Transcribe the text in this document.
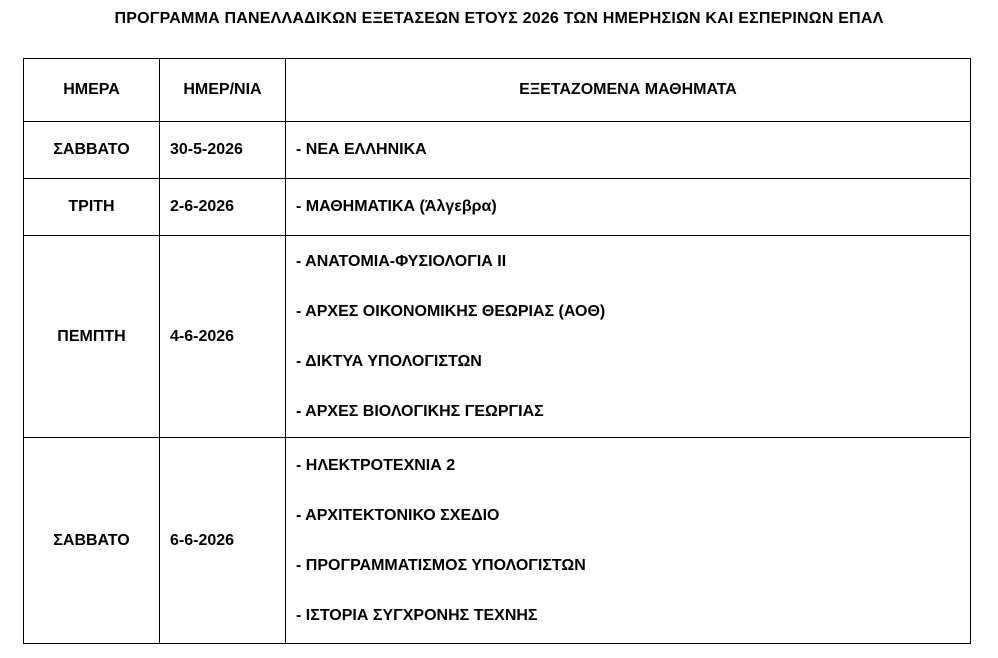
ΠΡΟΓΡΑΜΜΑ ΠΑΝΕΛΛΑΔΙΚΩΝ ΕΞΕΤΑΣΕΩΝ ΕΤΟΥΣ 2026 ΤΩΝ ΗΜΕΡΗΣΙΩΝ ΚΑΙ ΕΣΠΕΡΙΝΩΝ ΕΠΑΛ
ΗΜΕΡΑ	ΗΜΕΡ/ΝΙΑ	ΕΞΕΤΑΖΟΜΕΝΑ ΜΑΘΗΜΑΤΑ
ΣΑΒΒΑΤΟ	30-5-2026	- ΝΕΑ ΕΛΛΗΝΙΚΑ
ΤΡΙΤΗ	2-6-2026	- ΜΑΘΗΜΑΤΙΚΑ (Άλγεβρα)
ΠΕΜΠΤΗ	4-6-2026	- ΑΝΑΤΟΜΙΑ-ΦΥΣΙΟΛΟΓΙΑ ΙΙ
- ΑΡΧΕΣ ΟΙΚΟΝΟΜΙΚΗΣ ΘΕΩΡΙΑΣ (ΑΟΘ)
- ΔΙΚΤΥΑ ΥΠΟΛΟΓΙΣΤΩΝ
- ΑΡΧΕΣ ΒΙΟΛΟΓΙΚΗΣ ΓΕΩΡΓΙΑΣ

ΣΑΒΒΑΤΟ	6-6-2026	- ΗΛΕΚΤΡΟΤΕΧΝΙΑ 2
- ΑΡΧΙΤΕΚΤΟΝΙΚΟ ΣΧΕΔΙΟ
- ΠΡΟΓΡΑΜΜΑΤΙΣΜΟΣ ΥΠΟΛΟΓΙΣΤΩΝ
- ΙΣΤΟΡΙΑ ΣΥΓΧΡΟΝΗΣ ΤΕΧΝΗΣ
